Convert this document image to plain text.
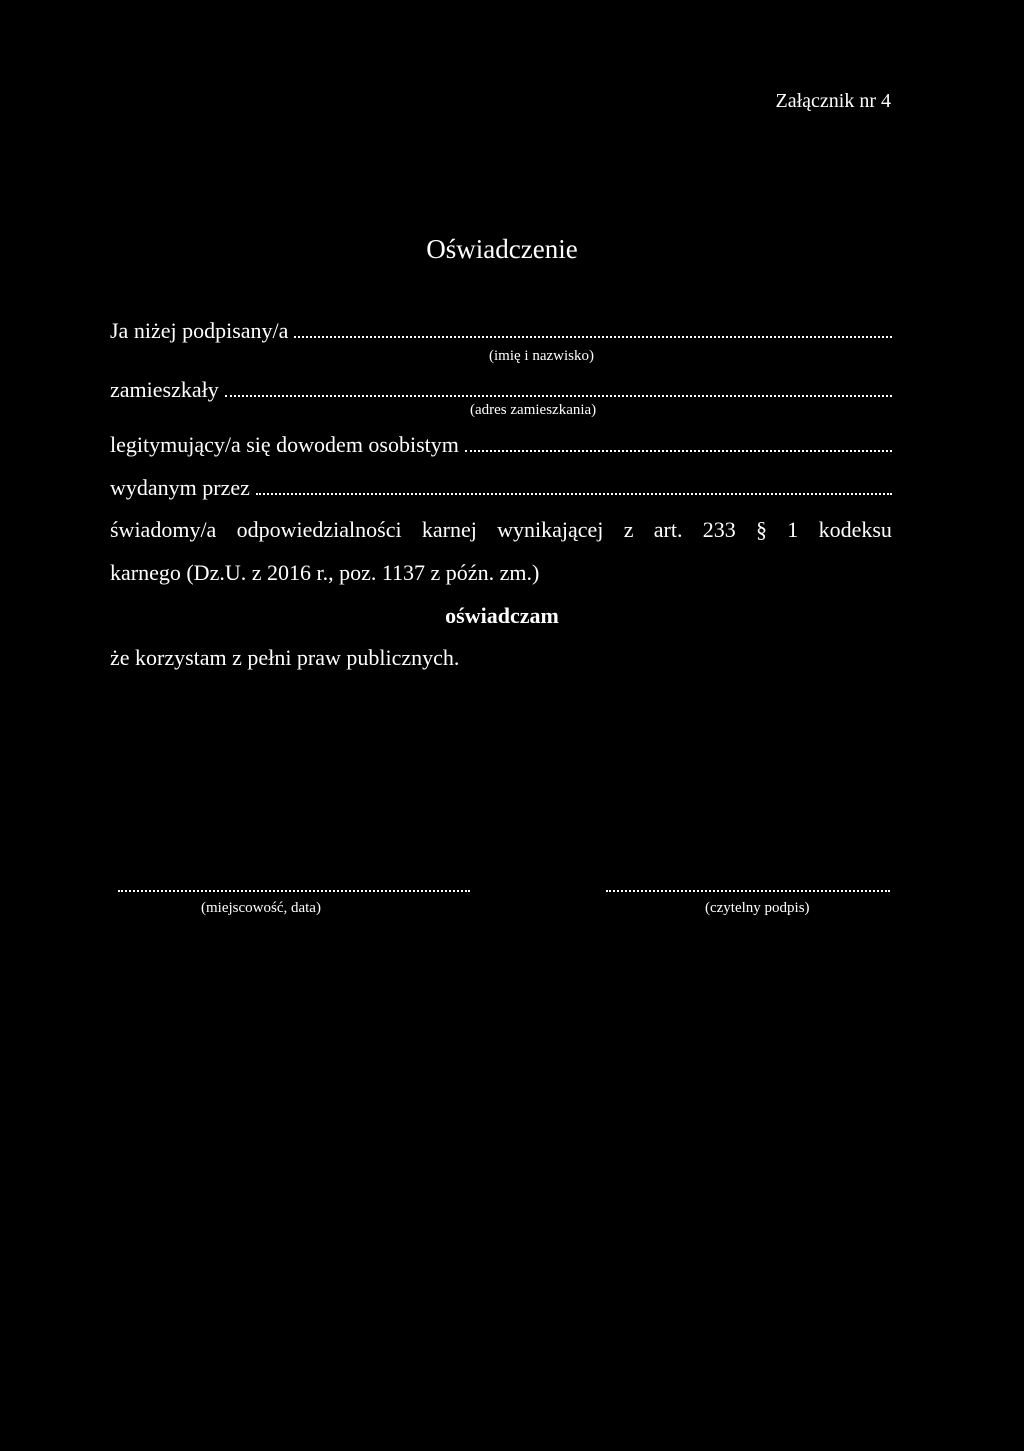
Załącznik nr 4
Oświadczenie
Ja niżej podpisany/a
(imię i nazwisko)
zamieszkały
(adres zamieszkania)
legitymujący/a się dowodem osobistym
wydanym przez
świadomy/a odpowiedzialności karnej wynikającej z art. 233 § 1 kodeksu
karnego (Dz.U. z 2016 r., poz. 1137 z późn. zm.)
oświadczam
że korzystam z pełni praw publicznych.
(miejscowość, data)	(czytelny podpis)
